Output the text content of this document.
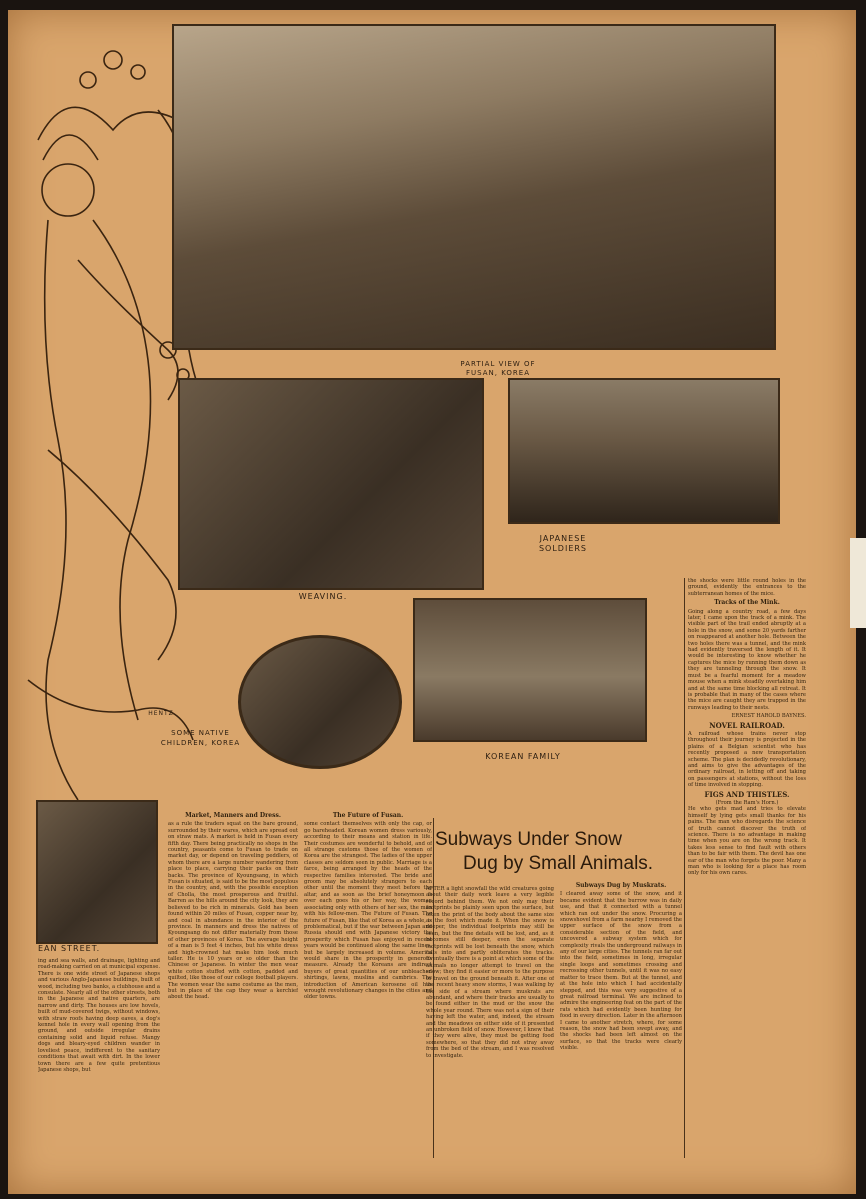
PARTIAL VIEW OF FUSAN, KOREA
WEAVING.
JAPANESE SOLDIERS
SOME NATIVE CHILDREN, KOREA
HENTZ
KOREAN FAMILY
EAN STREET.
ing and sea walls, and drainage, lighting and road-making carried on at municipal expense. There is one wide street of Japanese shops and various Anglo-Japanese buildings, built of wood, including two banks, a clubhouse and a consulate. Nearly all of the other streets, both in the Japanese and native quarters, are narrow and dirty. The houses are low hovels, built of mud-covered twigs, without windows, with straw roofs having deep eaves, a dog's kennel hole in every wall opening from the ground, and outside irregular drains containing solid and liquid refuse. Mangy dogs and bleary-eyed children wander in loveliest peace, indifferent to the sanitary conditions that await with dirt. In the lower town there are a few quite pretentious Japanese shops, but
Market, Manners and Dress.
as a rule the traders squat on the bare ground, surrounded by their wares, which are spread out on straw mats. A market is held in Fusan every fifth day. There being practically no shops in the country, peasants come to Fusan to trade on market day, or depend on traveling peddlers, of whom there are a large number wandering from place to place, carrying their packs on their backs. The province of Kyoungsang, in which Fusan is situated, is said to be the most populous in the country, and, with the possible exception of Cholla, the most prosperous and fruitful. Barren as the hills around the city look, they are believed to be rich in minerals. Gold has been found within 20 miles of Fusan, copper near by, and coal in abundance in the interior of the province. In manners and dress the natives of Kyoungsang do not differ materially from those of other provinces of Korea. The average height of a man is 5 feet 4 inches, but his white dress and high-crowned hat make him look much taller. He is 10 years or so older than the Chinese or Japanese. In winter the men wear white cotton stuffed with cotton, padded and quilted, like those of our college football players. The women wear the same costume as the men, but in place of the cap they wear a kerchief about the head.
The Future of Fusan.
some contact themselves with only the cap, or go bareheaded. Korean women dress variously, according to their means and station in life. Their costumes are wonderful to behold, and of all strange customs those of the women of Korea are the strangest. The ladies of the upper classes are seldom seen in public. Marriage is a farce, being arranged by the heads of the respective families interested. The bride and groom may be absolutely strangers to each other until the moment they meet before the altar, and as soon as the brief honeymoon is over each goes his or her way, the woman associating only with others of her sex, the man with his fellow-men. The Future of Fusan. The future of Fusan, like that of Korea as a whole, is problematical, but if the war between Japan and Russia should end with Japanese victory the prosperity which Fusan has enjoyed in recent years would be continued along the same lines, but be largely increased in volume. America would share in the prosperity in generous measure. Already the Koreans are indirect buyers of great quantities of our unbleached shirtings, lawns, muslins and cambrics. The introduction of American kerosene oil has wrought revolutionary changes in the cities and older towns.
Subways Under Snow
Dug by Small Animals.
AFTER a light snowfall the wild creatures going about their daily work leave a very legible record behind them. We not only may their footprints be plainly seen upon the surface, but often the print of the body about the same size as the foot which made it. When the snow is deeper, the individual footprints may still be seen, but the fine details will be lost, and, as it becomes still deeper, even the separate footprints will be lost beneath the snow, which falls into and partly obliterates the tracks. Eventually there is a point at which some of the animals no longer attempt to travel on the snow; they find it easier or more to the purpose to travel on the ground beneath it. After one of the recent heavy snow storms, I was walking by the side of a stream where muskrats are abundant, and where their tracks are usually to be found either in the mud or the snow the whole year round. There was not a sign of their having left the water, and, indeed, the stream and the meadows on either side of it presented an unbroken field of snow. However, I knew that if they were alive, they must be getting food somewhere, so that they did not stray away from the bed of the stream, and I was resolved to investigate.
Subways Dug by Muskrats.
I cleared away some of the snow, and it became evident that the burrow was in daily use, and that it connected with a tunnel which ran out under the snow. Procuring a snowshovel from a farm nearby I removed the upper surface of the snow from a considerable section of the field, and uncovered a subway system which for complexity rivals the underground railways in any of our large cities. The tunnels ran far out into the field, sometimes in long, irregular single loops and sometimes crossing and recrossing other tunnels, until it was no easy matter to trace them. But at the tunnel, and at the hole into which I had accidentally stepped, and this was very suggestive of a great railroad terminal. We are inclined to admire the engineering feat on the part of the rats which had evidently been hunting for food in every direction. Later in the afternoon I came to another stretch, where, for some reason, the snow had been swept away, and the shocks had been left almost on the surface, so that the tracks were clearly visible.
the shocks were little round holes in the ground, evidently the entrances to the subterranean homes of the mice.
Tracks of the Mink.
Going along a country road, a few days later, I came upon the track of a mink. The visible part of the trail ended abruptly at a hole in the snow, and some 20 yards farther on reappeared at another hole. Between the two holes there was a tunnel, and the mink had evidently traversed the length of it. It would be interesting to know whether he captures the mice by running them down as they are tunneling through the snow. It must be a fearful moment for a meadow mouse when a mink steadily overtaking him and at the same time blocking all retreat. It is probable that in many of the cases where the mice are caught they are trapped in the runways leading to their nests.
ERNEST HAROLD BAYNES.
NOVEL RAILROAD.
A railroad whose trains never stop throughout their journey is projected in the plains of a Belgian scientist who has recently proposed a new transportation scheme. The plan is decidedly revolutionary, and aims to give the advantages of the ordinary railroad, in letting off and taking on passengers at stations, without the loss of time involved in stopping.
FIGS AND THISTLES.
(From the Ram's Horn.)
He who gets mad and tries to elevate himself by lying gets small thanks for his pains. The man who disregards the science of truth cannot discover the truth of science. There is no advantage in making time when you are on the wrong track. It takes less sense to find fault with others than to be fair with them. The devil has one ear of the man who forgets the poor. Many a man who is looking for a place has room only for his own cares.
